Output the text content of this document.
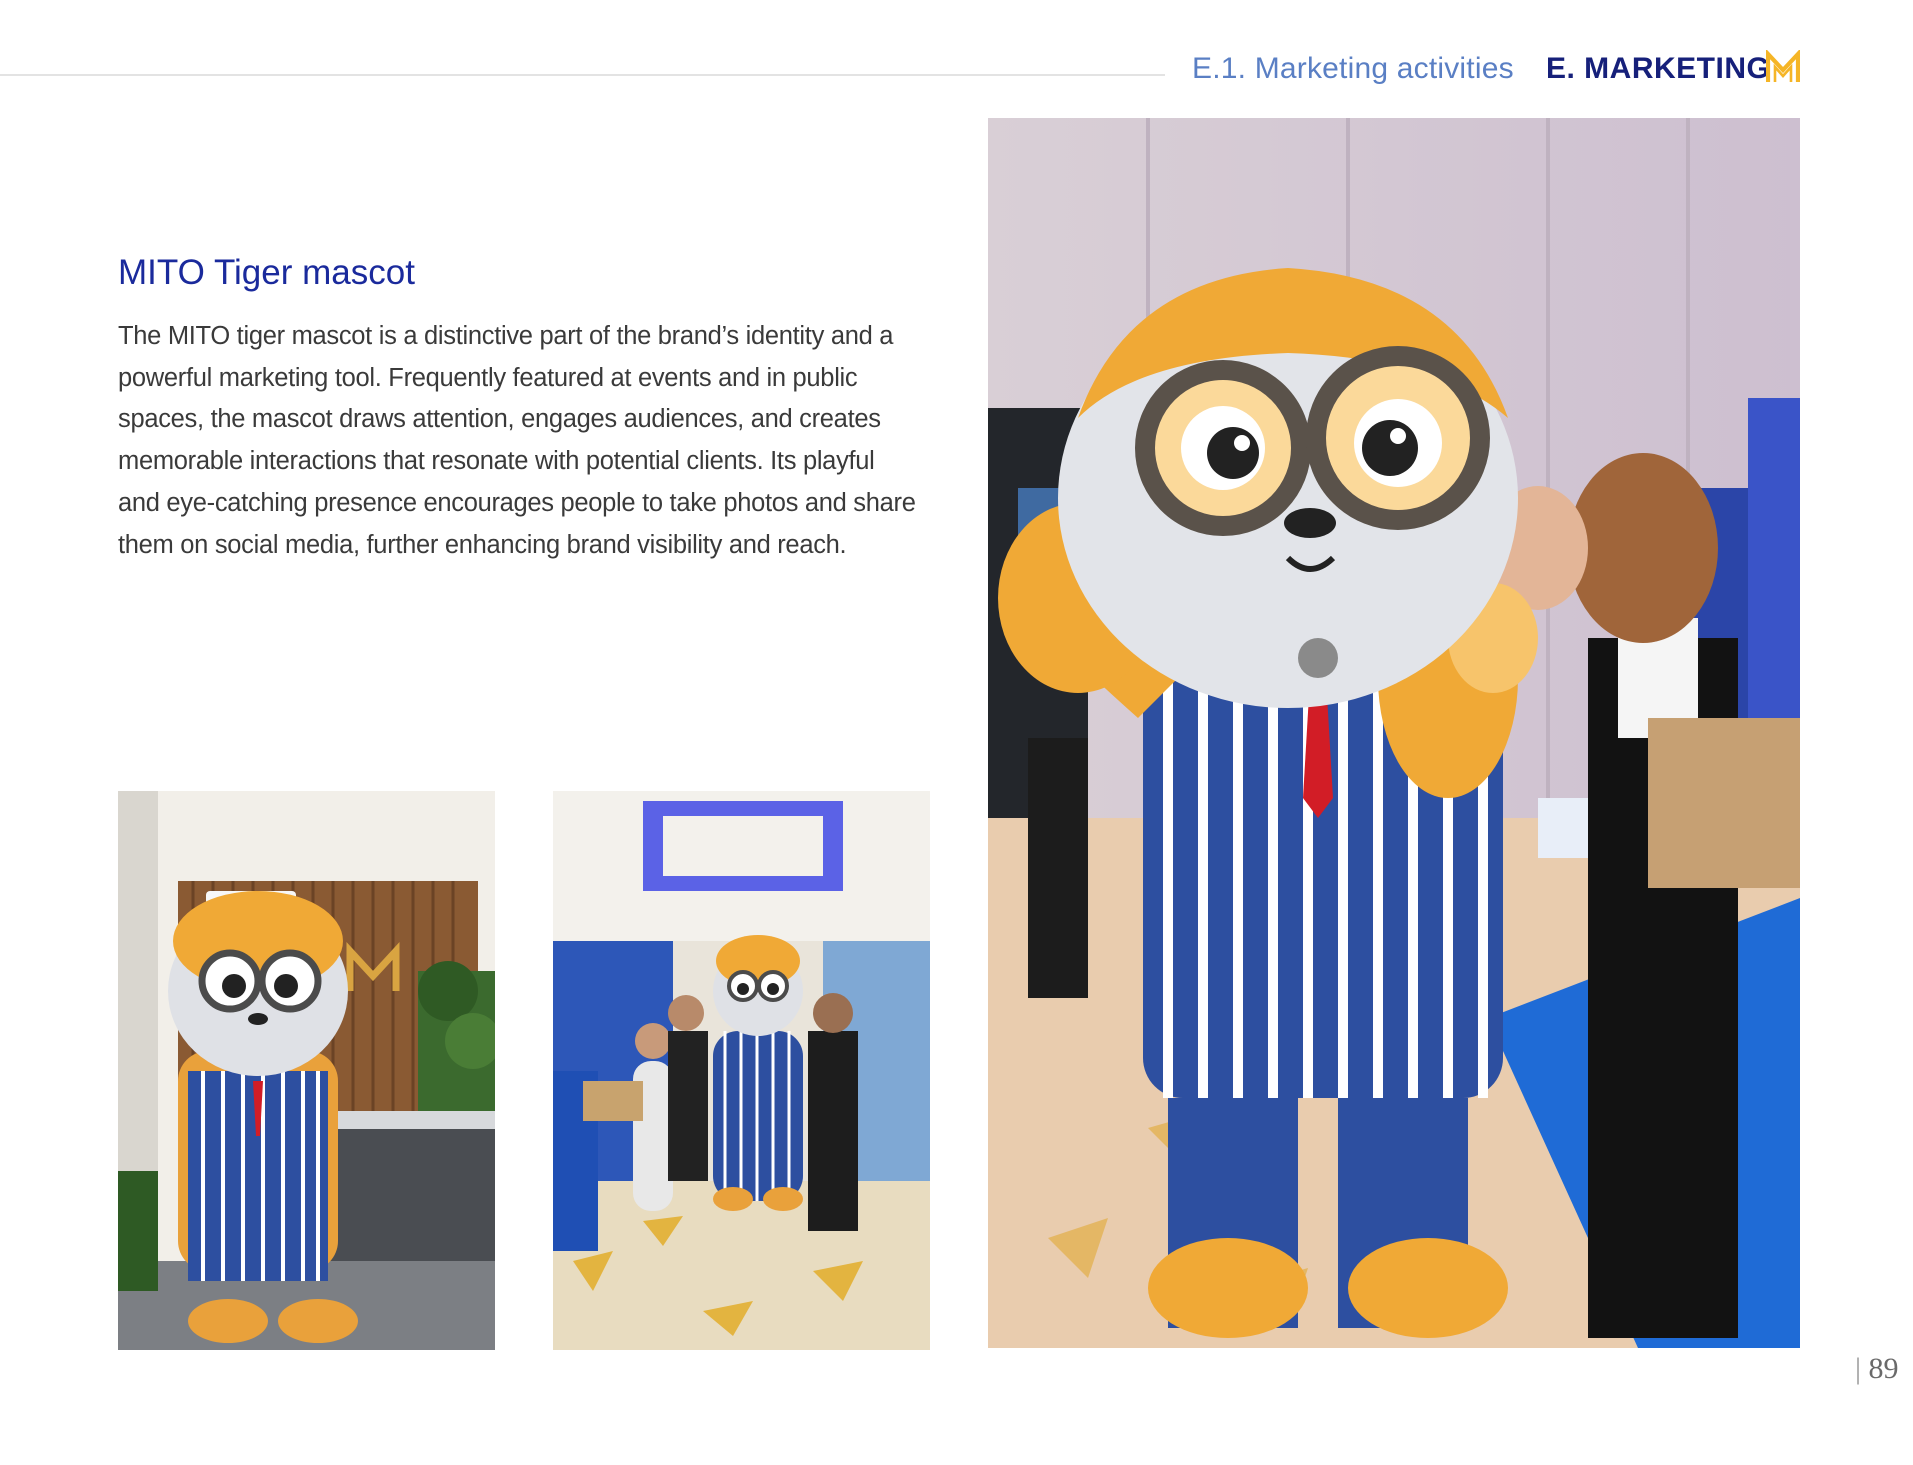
E.1. Marketing activities E. MARKETING
MITO Tiger mascot

The MITO tiger mascot is a distinctive part of the brand’s identity and a powerful marketing tool. Frequently featured at events and in public spaces, the mascot draws attention, engages audiences, and creates memorable interactions that resonate with potential clients. Its playful and eye-catching presence encourages people to take photos and share them on social media, further enhancing brand visibility and reach.

| 89
